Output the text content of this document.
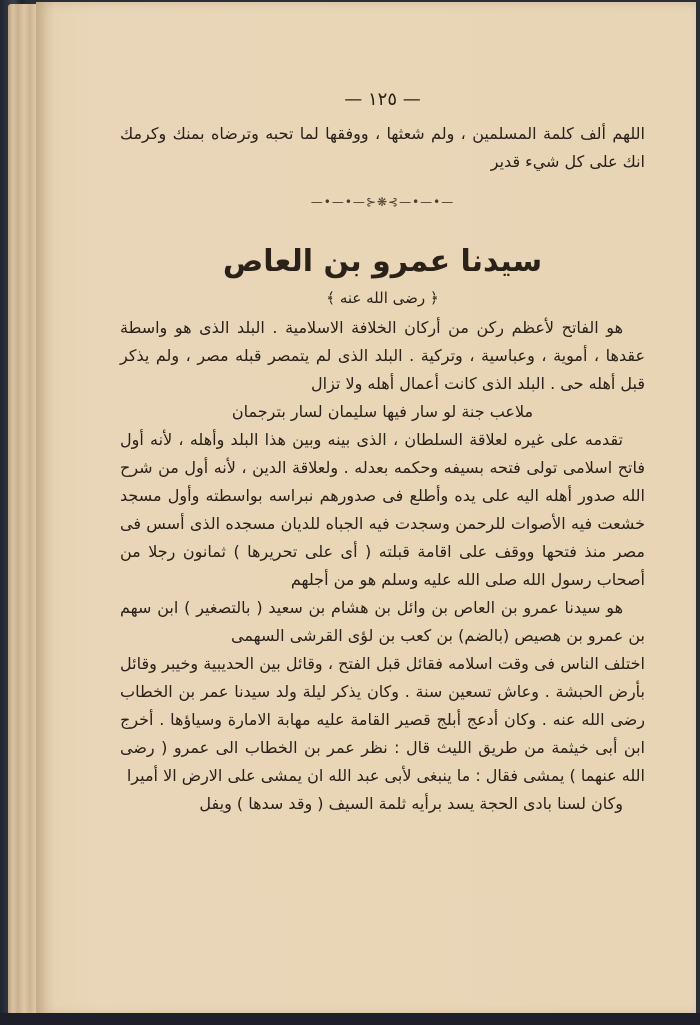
— ١٢٥ —

اللهم ألف كلمة المسلمين ، ولم شعثها ، ووفقها لما تحبه وترضاه بمنك وكرمك انك على كل شيء قدير

—•—•—⊱❋⊰—•—•—
سيدنا عمرو بن العاص
﴿ رضى الله عنه ﴾

هو الفاتح لأعظم ركن من أركان الخلافة الاسلامية . البلد الذى هو واسطة عقدها ، أموية ، وعباسية ، وتركية . البلد الذى لم يتمصر قبله مصر ، ولم يذكر قبل أهله حى . البلد الذى كانت أعمال أهله ولا تزال

ملاعب جنة لو سار فيها سليمان لسار بترجمان

تقدمه على غيره لعلاقة السلطان ، الذى بينه وبين هذا البلد وأهله ، لأنه أول فاتح اسلامى تولى فتحه بسيفه وحكمه بعدله . ولعلاقة الدين ، لأنه أول من شرح الله صدور أهله اليه على يده وأطلع فى صدورهم نبراسه بواسطته وأول مسجد خشعت فيه الأصوات للرحمن وسجدت فيه الجباه للديان مسجده الذى أسس فى مصر منذ فتحها ووقف على اقامة قبلته ( أى على تحريرها ) ثمانون رجلا من أصحاب رسول الله صلى الله عليه وسلم هو من أجلهم

هو سيدنا عمرو بن العاص بن وائل بن هشام بن سعيد ( بالتصغير ) ابن سهم بن عمرو بن هصيص (بالضم) بن كعب بن لؤى القرشى السهمى

اختلف الناس فى وقت اسلامه فقائل قبل الفتح ، وقائل بين الحديبية وخيبر وقائل بأرض الحبشة . وعاش تسعين سنة . وكان يذكر ليلة ولد سيدنا عمر بن الخطاب رضى الله عنه . وكان أدعج أبلج قصير القامة عليه مهابة الامارة وسياؤها . أخرج ابن أبى خيثمة من طريق الليث قال : نظر عمر بن الخطاب الى عمرو ( رضى الله عنهما ) يمشى فقال : ما ينبغى لأبى عبد الله ان يمشى على الارض الا أميرا

وكان لسنا بادى الحجة يسد برأيه ثلمة السيف ( وقد سدها ) ويفل
